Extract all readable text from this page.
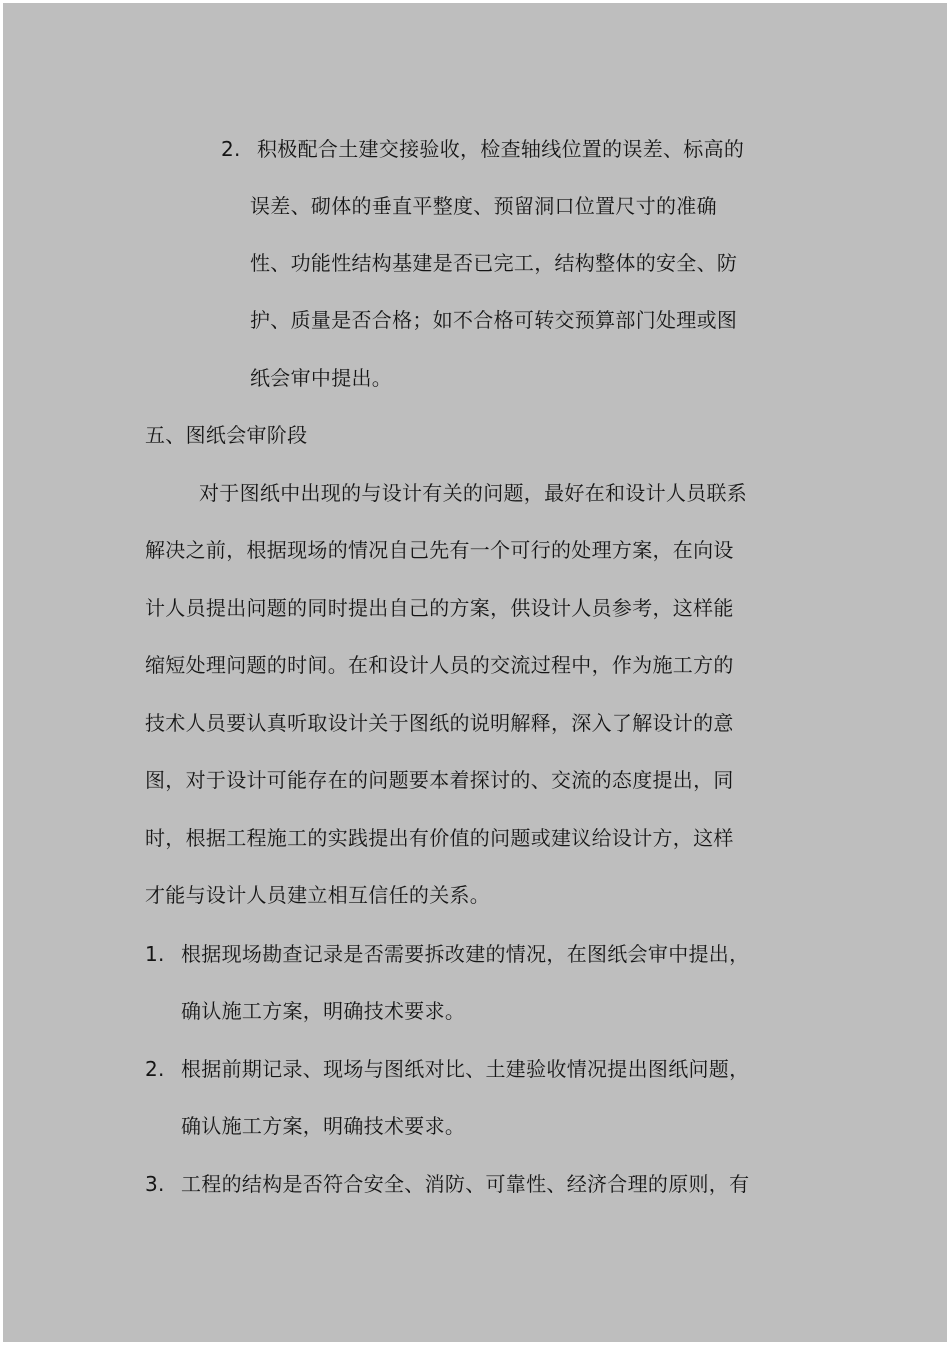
2. 积极配合土建交接验收，检查轴线位置的误差、标高的
误差、砌体的垂直平整度、预留洞口位置尺寸的准确
性、功能性结构基建是否已完工，结构整体的安全、防
护、质量是否合格；如不合格可转交预算部门处理或图
纸会审中提出。
五、图纸会审阶段
对于图纸中出现的与设计有关的问题，最好在和设计人员联系
解决之前，根据现场的情况自己先有一个可行的处理方案，在向设
计人员提出问题的同时提出自己的方案，供设计人员参考，这样能
缩短处理问题的时间。在和设计人员的交流过程中，作为施工方的
技术人员要认真听取设计关于图纸的说明解释，深入了解设计的意
图，对于设计可能存在的问题要本着探讨的、交流的态度提出，同
时，根据工程施工的实践提出有价值的问题或建议给设计方，这样
才能与设计人员建立相互信任的关系。
1. 根据现场勘查记录是否需要拆改建的情况，在图纸会审中提出，
确认施工方案，明确技术要求。
2. 根据前期记录、现场与图纸对比、土建验收情况提出图纸问题，
确认施工方案，明确技术要求。
3. 工程的结构是否符合安全、消防、可靠性、经济合理的原则，有
